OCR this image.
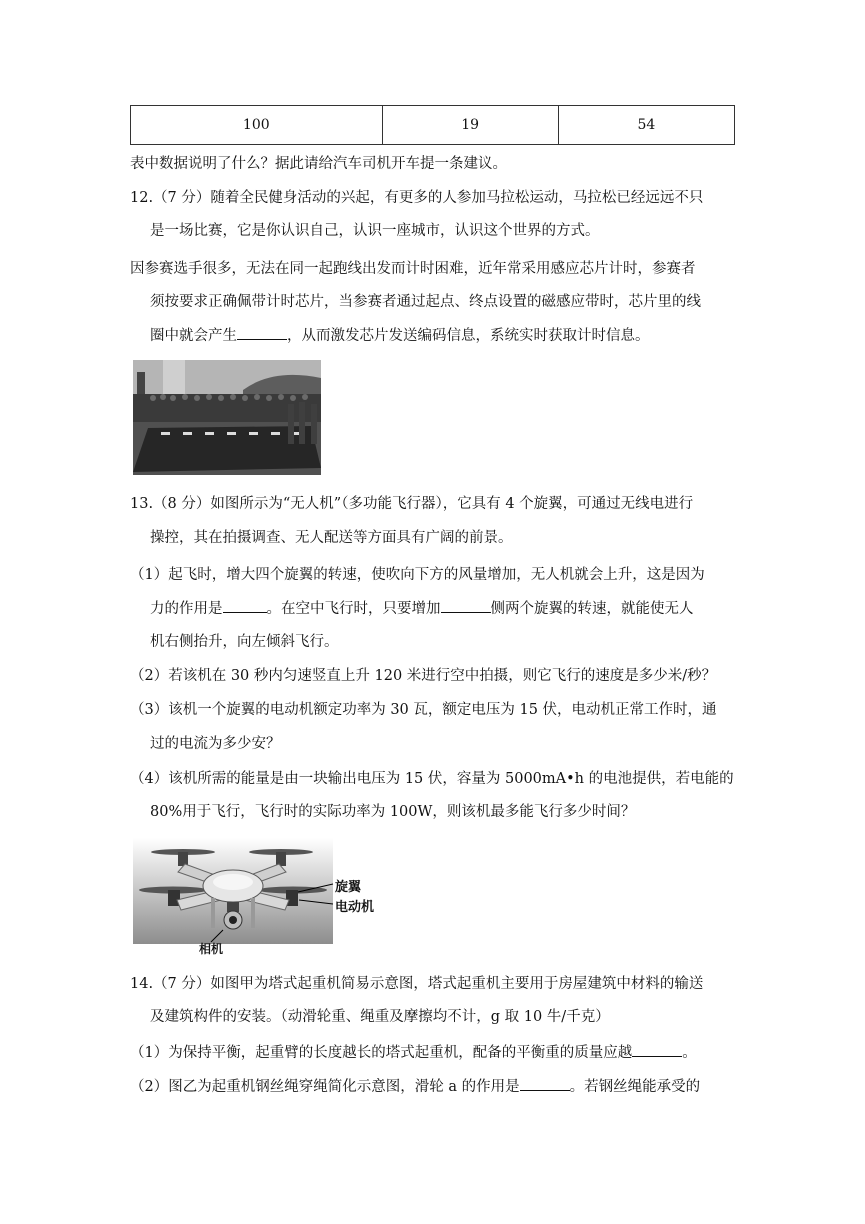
100	19	54
表中数据说明了什么？据此请给汽车司机开车提一条建议。
12.（7 分）随着全民健身活动的兴起，有更多的人参加马拉松运动，马拉松已经远远不只
是一场比赛，它是你认识自己，认识一座城市，认识这个世界的方式。
因参赛选手很多，无法在同一起跑线出发而计时困难，近年常采用感应芯片计时，参赛者
须按要求正确佩带计时芯片，当参赛者通过起点、终点设置的磁感应带时，芯片里的线
圈中就会产生	，从而激发芯片发送编码信息，系统实时获取计时信息。
13.（8 分）如图所示为“无人机”（多功能飞行器），它具有 4 个旋翼，可通过无线电进行
操控，其在拍摄调查、无人配送等方面具有广阔的前景。
（1）起飞时，增大四个旋翼的转速，使吹向下方的风量增加，无人机就会上升，这是因为
力的作用是	。在空中飞行时，只要增加	侧两个旋翼的转速，就能使无人
机右侧抬升，向左倾斜飞行。
（2）若该机在 30 秒内匀速竖直上升 120 米进行空中拍摄，则它飞行的速度是多少米/秒？
（3）该机一个旋翼的电动机额定功率为 30 瓦，额定电压为 15 伏，电动机正常工作时，通
过的电流为多少安？
（4）该机所需的能量是由一块输出电压为 15 伏，容量为 5000mA•h 的电池提供，若电能的
80%用于飞行，飞行时的实际功率为 100W，则该机最多能飞行多少时间？
旋翼
电动机
相机
14.（7 分）如图甲为塔式起重机简易示意图，塔式起重机主要用于房屋建筑中材料的输送
及建筑构件的安装。（动滑轮重、绳重及摩擦均不计，g 取 10 牛/千克）
（1）为保持平衡，起重臂的长度越长的塔式起重机，配备的平衡重的质量应越	。
（2）图乙为起重机钢丝绳穿绳简化示意图，滑轮 a 的作用是	。若钢丝绳能承受的
